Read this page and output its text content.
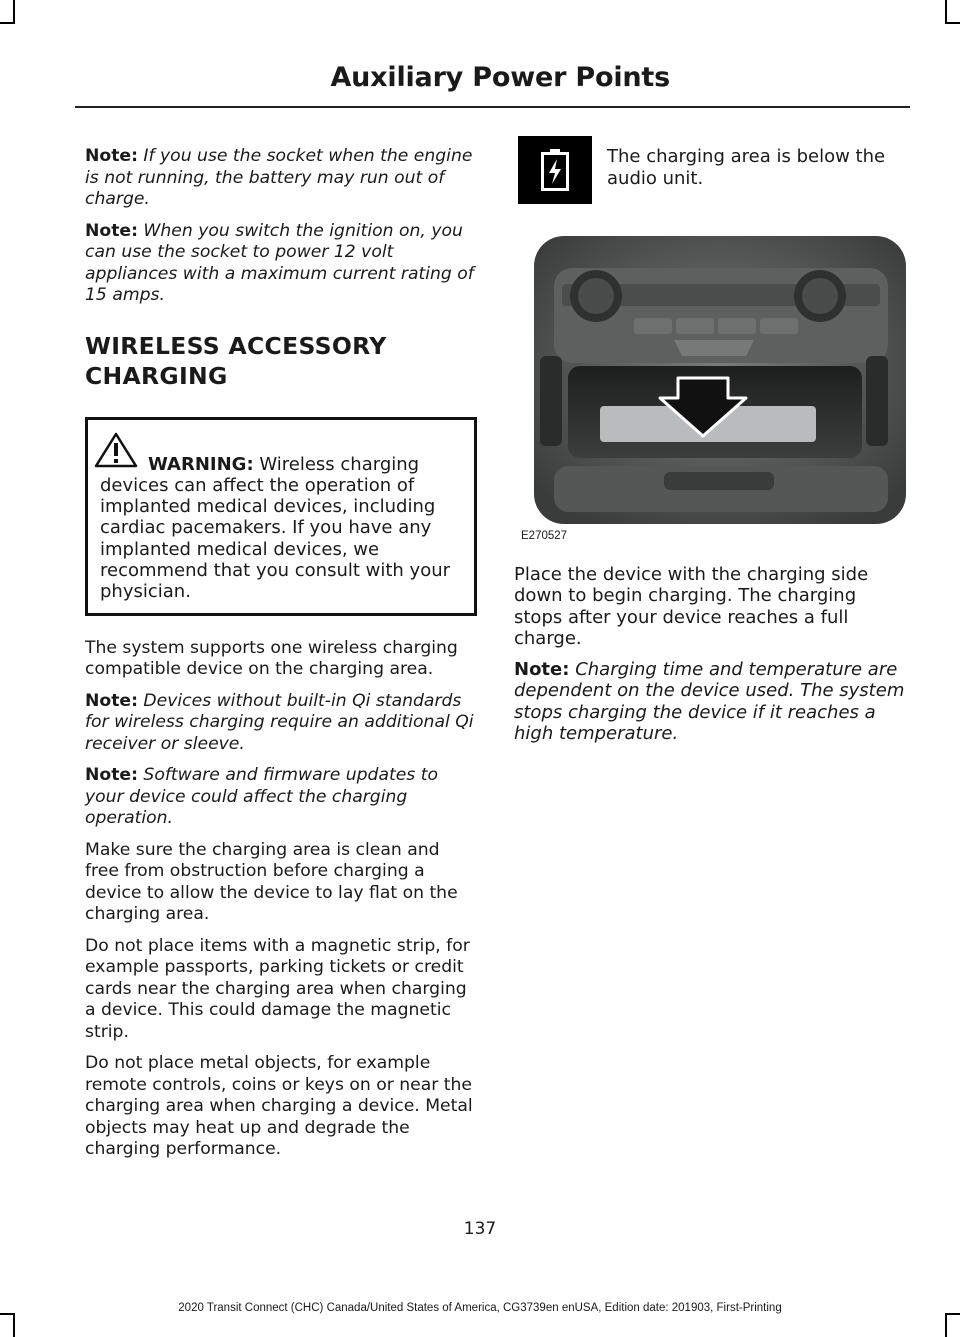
Auxiliary Power Points

Note: If you use the socket when the engine is not running, the battery may run out of charge.

Note: When you switch the ignition on, you can use the socket to power 12 volt appliances with a maximum current rating of 15 amps.

WIRELESS ACCESSORY
CHARGING

WARNING: Wireless charging devices can affect the operation of implanted medical devices, including cardiac pacemakers. If you have any implanted medical devices, we recommend that you consult with your physician.

The system supports one wireless charging compatible device on the charging area.

Note: Devices without built-in Qi standards for wireless charging require an additional Qi receiver or sleeve.

Note: Software and firmware updates to your device could affect the charging operation.

Make sure the charging area is clean and free from obstruction before charging a device to allow the device to lay flat on the charging area.

Do not place items with a magnetic strip, for example passports, parking tickets or credit cards near the charging area when charging a device. This could damage the magnetic strip.

Do not place metal objects, for example remote controls, coins or keys on or near the charging area when charging a device. Metal objects may heat up and degrade the charging performance.

The charging area is below the audio unit.

E270527

Place the device with the charging side down to begin charging. The charging stops after your device reaches a full charge.

Note: Charging time and temperature are dependent on the device used. The system stops charging the device if it reaches a high temperature.

137
2020 Transit Connect (CHC) Canada/United States of America, CG3739en enUSA, Edition date: 201903, First-Printing
